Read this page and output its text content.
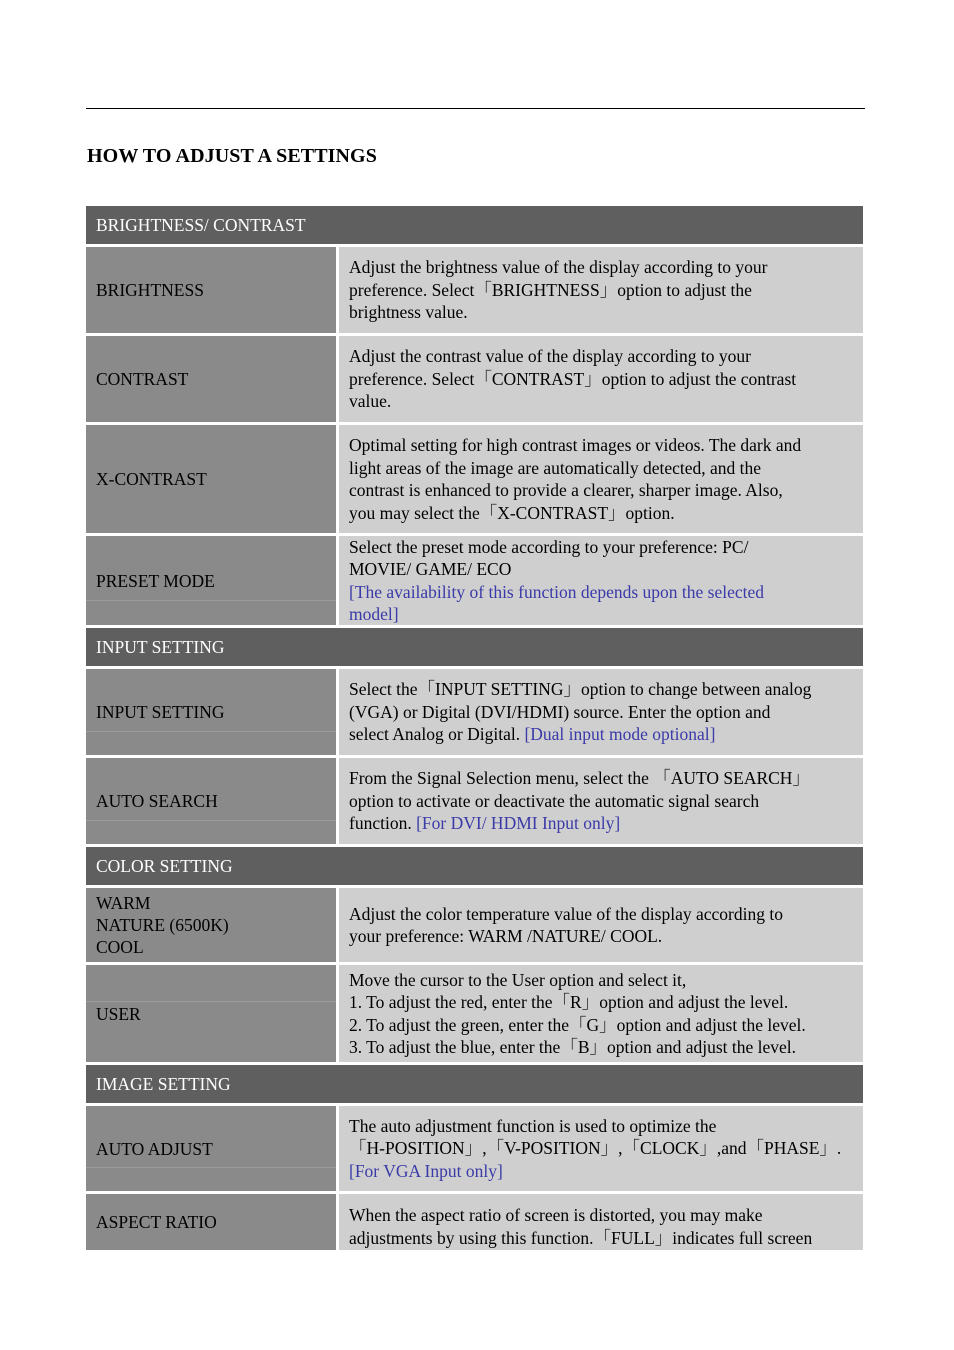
HOW TO ADJUST A SETTINGS
BRIGHTNESS/ CONTRAST
BRIGHTNESS
Adjust the brightness value of the display according to your
preference. Select「BRIGHTNESS」option to adjust the
brightness value.
CONTRAST
Adjust the contrast value of the display according to your
preference. Select「CONTRAST」option to adjust the contrast
value.
X-CONTRAST
Optimal setting for high contrast images or videos. The dark and
light areas of the image are automatically detected, and the
contrast is enhanced to provide a clearer, sharper image. Also,
you may select the「X-CONTRAST」option.
PRESET MODE
Select the preset mode according to your preference: PC/
MOVIE/ GAME/ ECO
[The availability of this function depends upon the selected
model]
INPUT SETTING
INPUT SETTING
Select the「INPUT SETTING」option to change between analog
(VGA) or Digital (DVI/HDMI) source. Enter the option and
select Analog or Digital. [Dual input mode optional]
AUTO SEARCH
From the Signal Selection menu, select the 「AUTO SEARCH」
option to activate or deactivate the automatic signal search
function. [For DVI/ HDMI Input only]
COLOR SETTING
WARM
NATURE (6500K)
COOL
Adjust the color temperature value of the display according to
your preference: WARM /NATURE/ COOL.
USER
Move the cursor to the User option and select it,
1. To adjust the red, enter the「R」option and adjust the level.
2. To adjust the green, enter the「G」option and adjust the level.
3. To adjust the blue, enter the「B」option and adjust the level.
IMAGE SETTING
AUTO ADJUST
The auto adjustment function is used to optimize the
「H-POSITION」,「V-POSITION」,「CLOCK」,and「PHASE」.
[For VGA Input only]
ASPECT RATIO	When the aspect ratio of screen is distorted, you may make
adjustments by using this function.「FULL」indicates full screen
